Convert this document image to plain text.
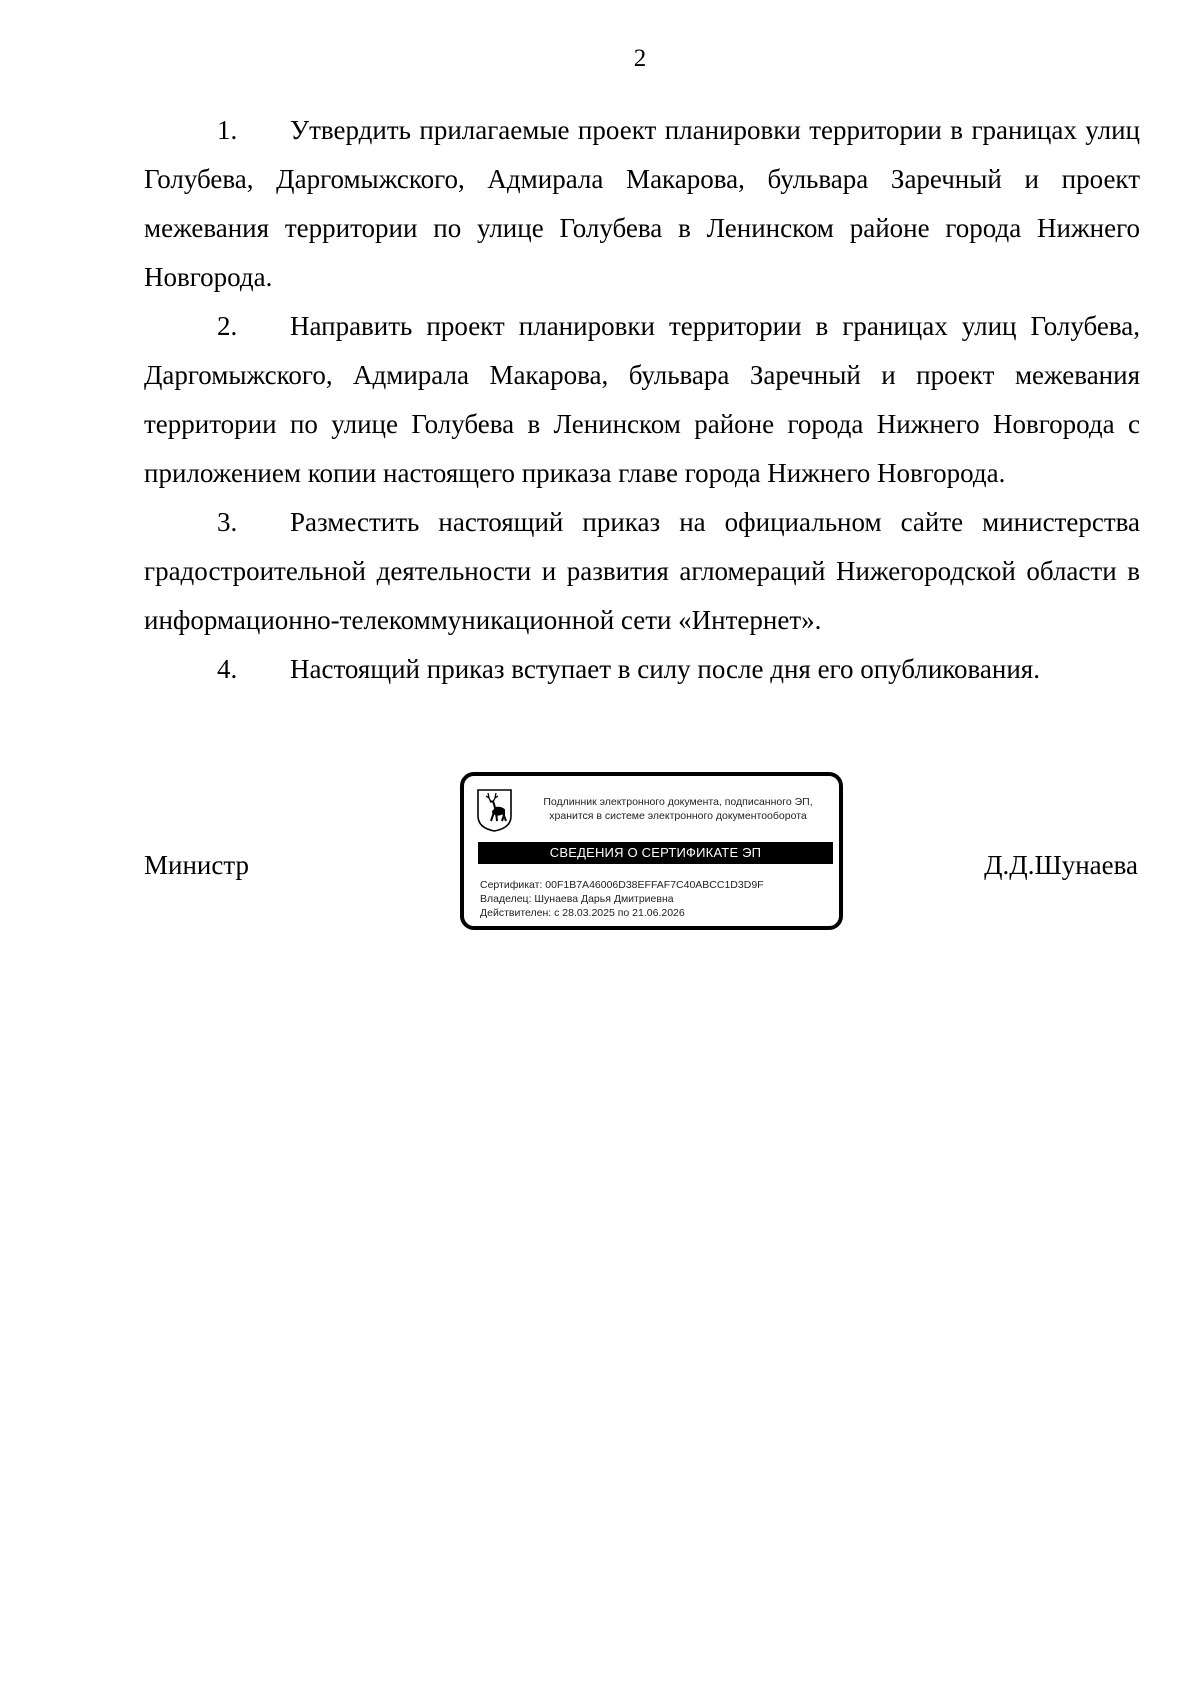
2

1. Утвердить прилагаемые проект планировки территории в границах улиц Голубева, Даргомыжского, Адмирала Макарова, бульвара Заречный и проект межевания территории по улице Голубева в Ленинском районе города Нижнего Новгорода.

2. Направить проект планировки территории в границах улиц Голубева, Даргомыжского, Адмирала Макарова, бульвара Заречный и проект межевания территории по улице Голубева в Ленинском районе города Нижнего Новгорода с приложением копии настоящего приказа главе города Нижнего Новгорода.

3. Разместить настоящий приказ на официальном сайте министерства градостроительной деятельности и развития агломераций Нижегородской области в информационно-телекоммуникационной сети «Интернет».

4. Настоящий приказ вступает в силу после дня его опубликования.

Министр	Д.Д.Шунаева
Подлинник электронного документа, подписанного ЭП,
хранится в системе электронного документооборота
СВЕДЕНИЯ О СЕРТИФИКАТЕ ЭП
Сертификат: 00F1B7A46006D38EFFAF7C40ABCC1D3D9F
Владелец: Шунаева Дарья Дмитриевна
Действителен: с 28.03.2025 по 21.06.2026
